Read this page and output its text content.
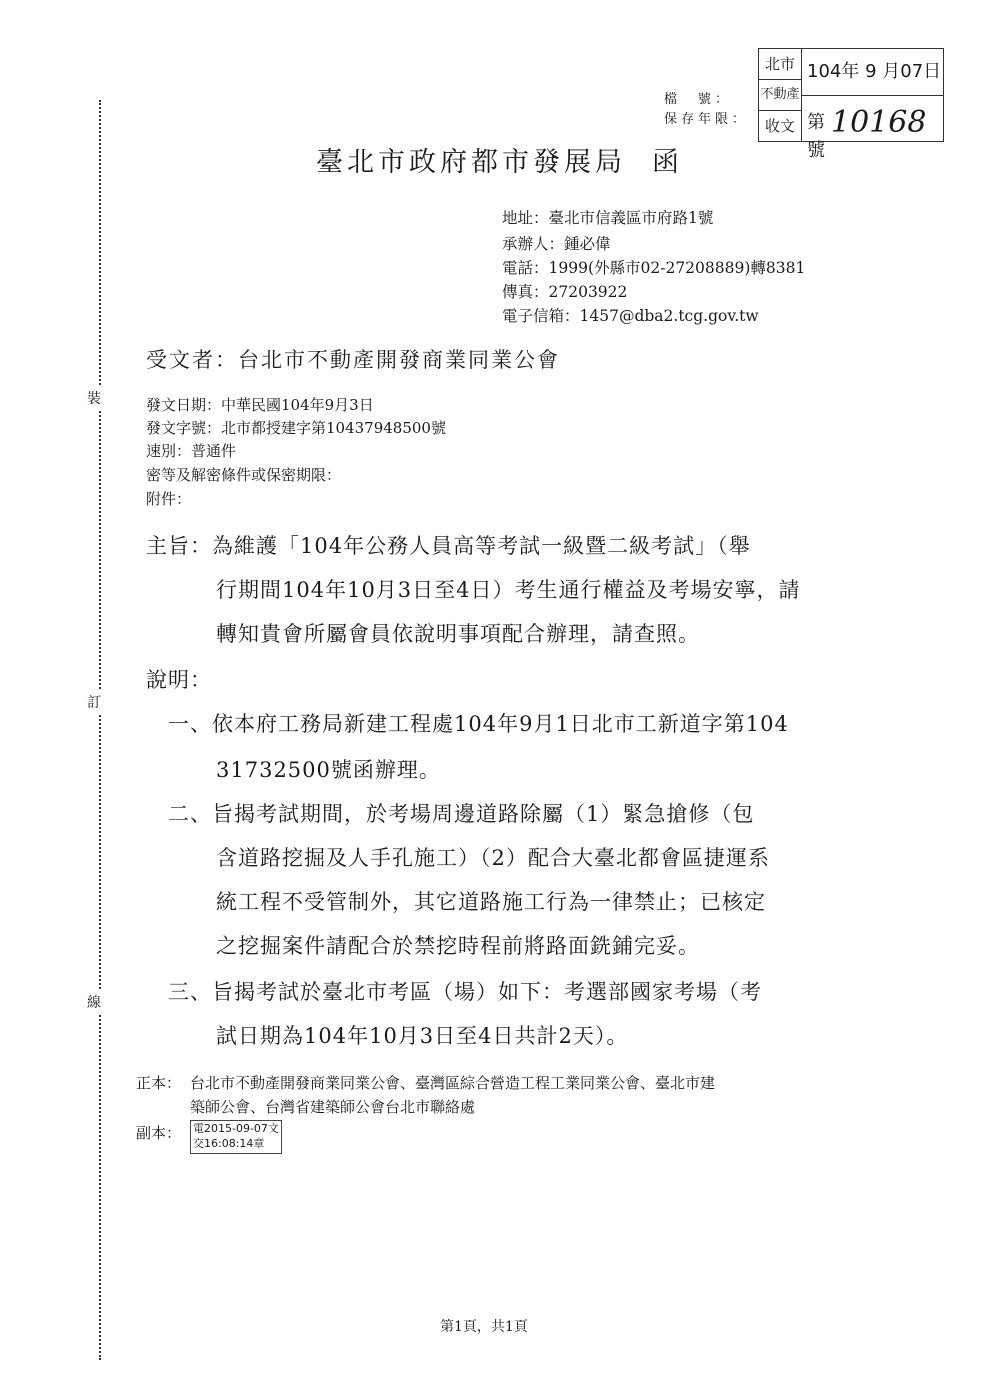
裝
訂
線
北市
不動產
收文
104年 9 月07日
第 10168號
檔　號：
保存年限：
臺北市政府都市發展局 函
地址：臺北市信義區市府路1號
承辦人：鍾必偉
電話：1999(外縣市02-27208889)轉8381
傳真：27203922
電子信箱：1457@dba2.tcg.gov.tw
受文者：台北市不動產開發商業同業公會
發文日期：中華民國104年9月3日
發文字號：北市都授建字第10437948500號
速別：普通件
密等及解密條件或保密期限：
附件：
主旨：為維護「104年公務人員高等考試一級暨二級考試」（舉
行期間104年10月3日至4日）考生通行權益及考場安寧，請
轉知貴會所屬會員依說明事項配合辦理，請查照。
說明：
一、依本府工務局新建工程處104年9月1日北市工新道字第104
31732500號函辦理。
二、旨揭考試期間，於考場周邊道路除屬（1）緊急搶修（包
含道路挖掘及人手孔施工）（2）配合大臺北都會區捷運系
統工程不受管制外，其它道路施工行為一律禁止；已核定
之挖掘案件請配合於禁挖時程前將路面銑鋪完妥。
三、旨揭考試於臺北市考區（場）如下：考選部國家考場（考
試日期為104年10月3日至4日共計2天）。
正本： 台北市不動產開發商業同業公會、臺灣區綜合營造工程工業同業公會、臺北市建
築師公會、台灣省建築師公會台北市聯絡處
副本： 電2015-09-07文
交16:08:14章
第1頁，共1頁
